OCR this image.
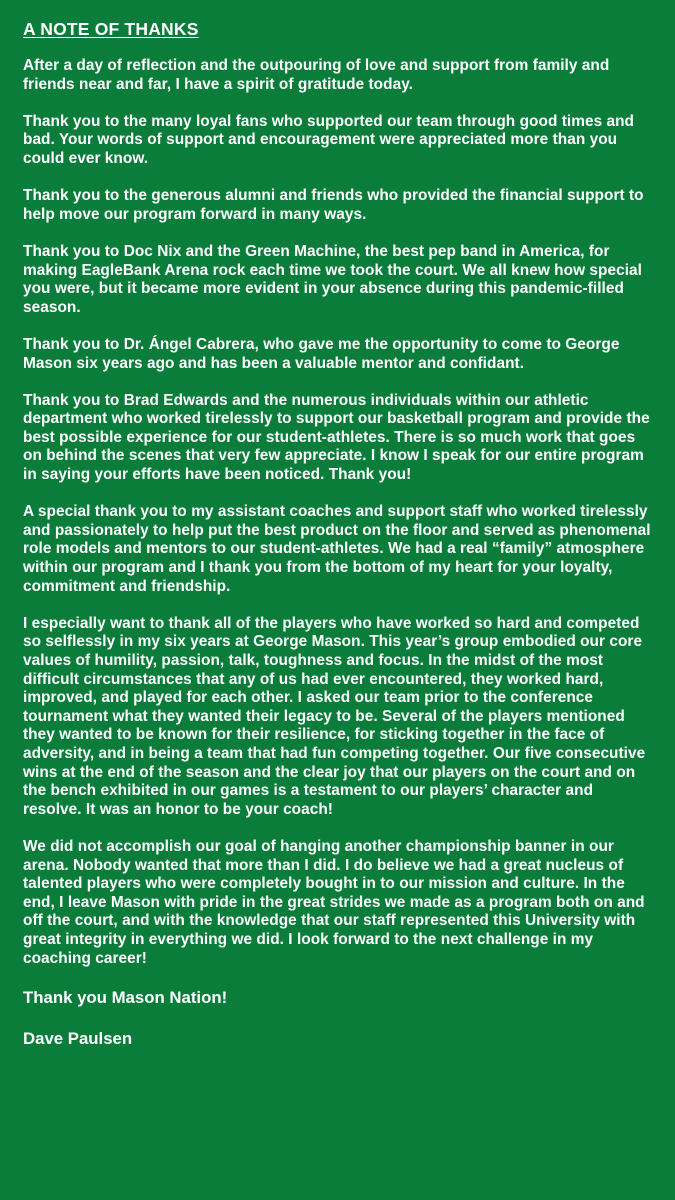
A NOTE OF THANKS

After a day of reflection and the outpouring of love and support from family and friends near and far, I have a spirit of gratitude today.

Thank you to the many loyal fans who supported our team through good times and bad. Your words of support and encouragement were appreciated more than you could ever know.

Thank you to the generous alumni and friends who provided the financial support to help move our program forward in many ways.

Thank you to Doc Nix and the Green Machine, the best pep band in America, for making EagleBank Arena rock each time we took the court. We all knew how special you were, but it became more evident in your absence during this pandemic-filled season.

Thank you to Dr. Ángel Cabrera, who gave me the opportunity to come to George Mason six years ago and has been a valuable mentor and confidant.

Thank you to Brad Edwards and the numerous individuals within our athletic department who worked tirelessly to support our basketball program and provide the best possible experience for our student-athletes. There is so much work that goes on behind the scenes that very few appreciate. I know I speak for our entire program in saying your efforts have been noticed. Thank you!

A special thank you to my assistant coaches and support staff who worked tirelessly and passionately to help put the best product on the floor and served as phenomenal role models and mentors to our student-athletes. We had a real “family” atmosphere within our program and I thank you from the bottom of my heart for your loyalty, commitment and friendship.

I especially want to thank all of the players who have worked so hard and competed so selflessly in my six years at George Mason. This year’s group embodied our core values of humility, passion, talk, toughness and focus. In the midst of the most difficult circumstances that any of us had ever encountered, they worked hard, improved, and played for each other. I asked our team prior to the conference tournament what they wanted their legacy to be. Several of the players mentioned they wanted to be known for their resilience, for sticking together in the face of adversity, and in being a team that had fun competing together. Our five consecutive wins at the end of the season and the clear joy that our players on the court and on the bench exhibited in our games is a testament to our players’ character and resolve. It was an honor to be your coach!

We did not accomplish our goal of hanging another championship banner in our arena. Nobody wanted that more than I did. I do believe we had a great nucleus of talented players who were completely bought in to our mission and culture. In the end, I leave Mason with pride in the great strides we made as a program both on and off the court, and with the knowledge that our staff represented this University with great integrity in everything we did. I look forward to the next challenge in my coaching career!

Thank you Mason Nation!
Dave Paulsen
